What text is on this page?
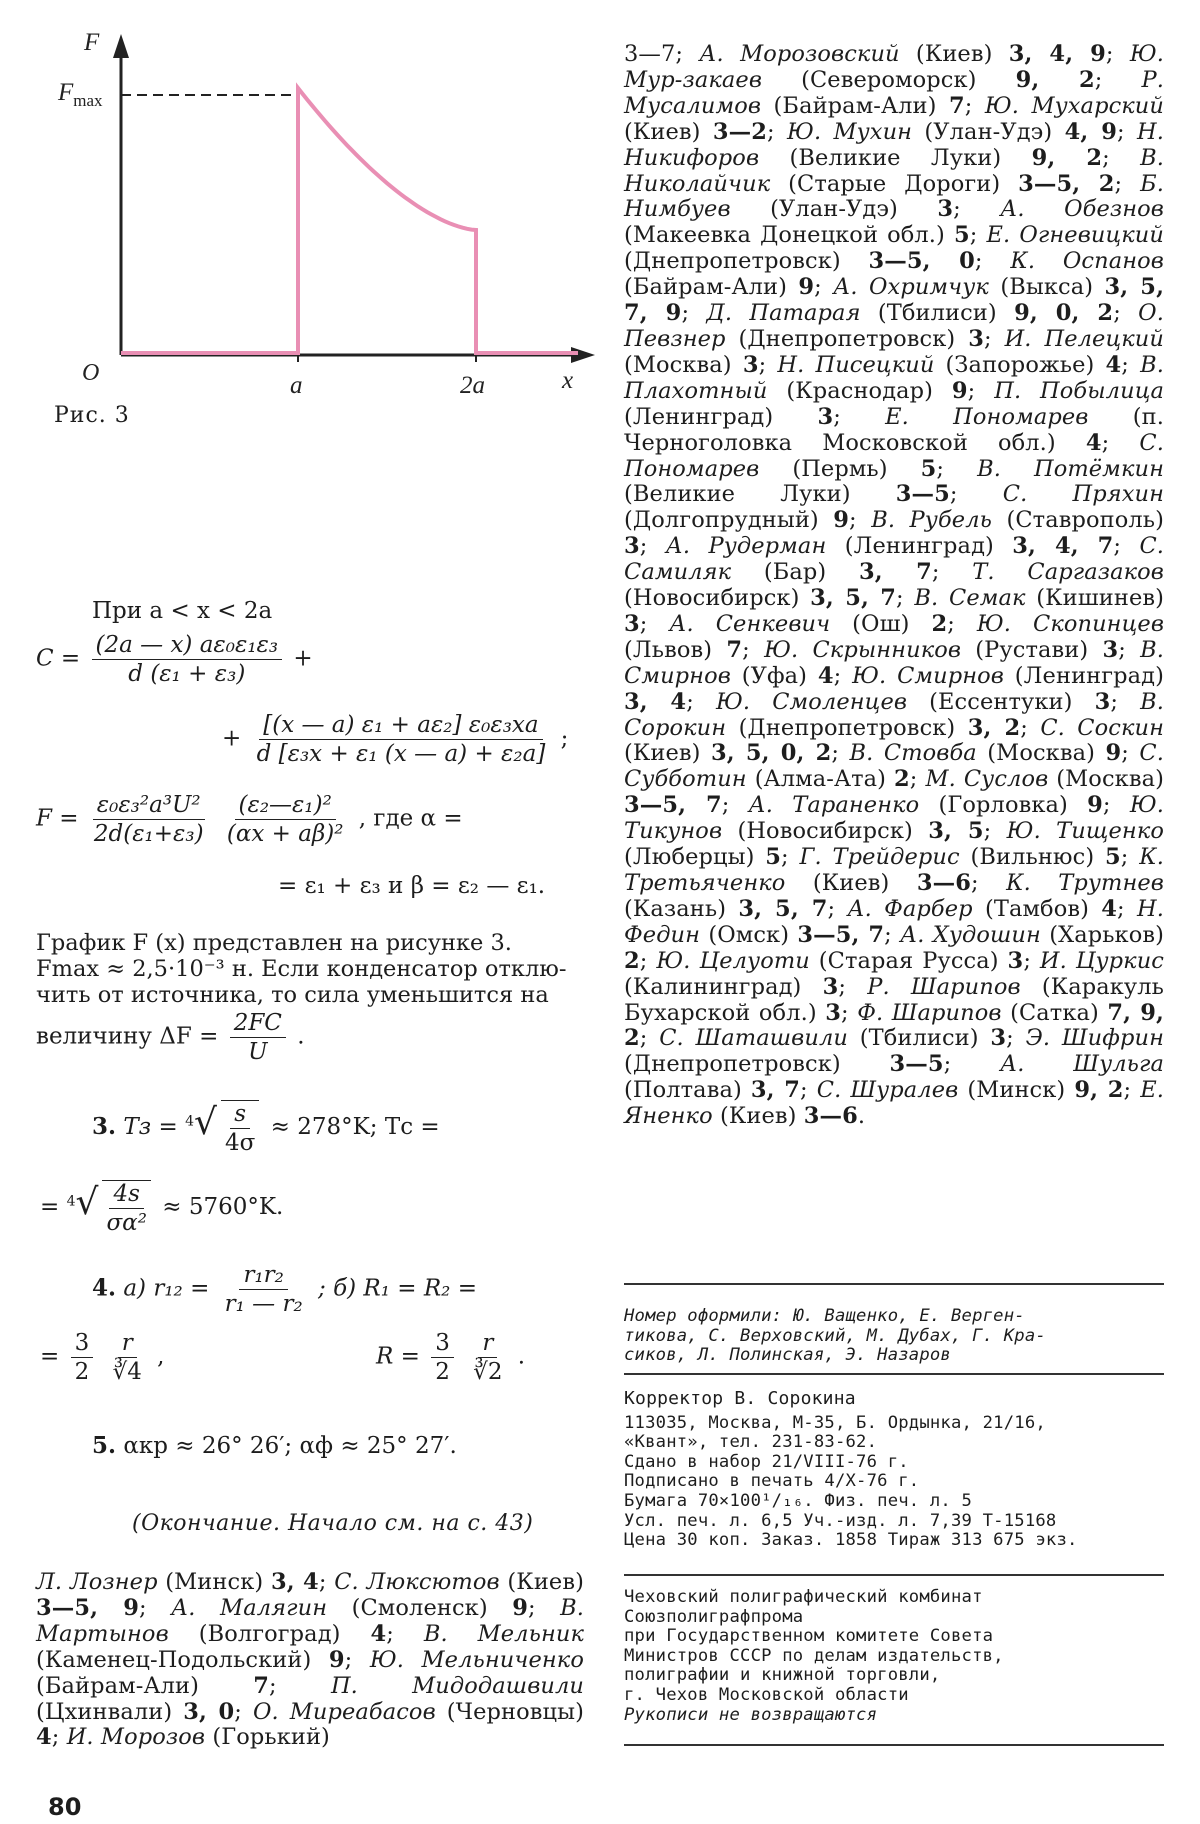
F
$F_{max}$
O	a	2a	x
Рис. 3
При a < x < 2a
$C = \frac{\text{(2a — x) aε₀ε₁ε₃}}{\text{d (ε₁ + ε₃)}}$ +
+ $\frac{\text{[(x — a) ε₁ + aε₂] ε₀ε₃xa}}{\text{d [ε₃x + ε₁ (x — a) + ε₂a]}}$ ;
$F = \frac{\text{ε₀ε₃²a³U²}}{\text{2d(ε₁+ε₃)}}$
$\frac{\text{(ε₂—ε₁)²}}{\text{(αx + aβ)²}}$ , где α =
= ε₁ + ε₃ и β = ε₂ — ε₁.
График F (x) представлен на рисунке 3.
Fmax ≈ 2,5·10⁻³ н. Если конденсатор отклю-
чить от источника, то сила уменьшится на
величину $\Delta F = \frac{2FC}{U}$ .
3. Tз = $^4√ \frac{s}{4\sigma} \approx 278^\circ K$; Tс =
= $^4√ \frac{4s}{\text{σα²}} \approx 5760^\circ K$.
4. а) $r_{12} = \frac{\text{r₁r₂}}{\text{r₁ — r₂}}$ ; б) R₁ = R₂ =
= $\frac{3}{2}$
$\frac{r}{∛4}$ ,	$R = \frac{3}{2}$
$\frac{r}{∛2}$ .
5. αкр ≈ 26° 26′; αф ≈ 25° 27′.
(Окончание. Начало см. на с. 43)
Л. Лознер (Минск) 3, 4; С. Люксютов (Киев) 3—5, 9; А. Малягин (Смоленск) 9; В. Мартынов (Волгоград) 4; В. Мельник (Каменец-Подольский) 9; Ю. Мельниченко (Байрам-Али) 7; П. Мидодашвили (Цхинвали) 3, 0; О. Миреабасов (Черновцы) 4; И. Морозов (Горький)
80
3—7; А. Морозовский (Киев) 3, 4, 9; Ю. Мур-закаев (Североморск) 9, 2; Р. Мусалимов (Байрам-Али) 7; Ю. Мухарский (Киев) 3—2; Ю. Мухин (Улан-Удэ) 4, 9; Н. Никифоров (Великие Луки) 9, 2; В. Николайчик (Старые Дороги) 3—5, 2; Б. Нимбуев (Улан-Удэ) 3; А. Обезнов (Макеевка Донецкой обл.) 5; Е. Огневицкий (Днепропетровск) 3—5, 0; К. Оспанов (Байрам-Али) 9; А. Охримчук (Выкса) 3, 5, 7, 9; Д. Патарая (Тбилиси) 9, 0, 2; О. Певзнер (Днепропетровск) 3; И. Пелецкий (Москва) 3; Н. Писецкий (Запорожье) 4; В. Плахотный (Краснодар) 9; П. Побылица (Ленинград) 3; Е. Пономарев (п. Черноголовка Московской обл.) 4; С. Пономарев (Пермь) 5; В. Потёмкин (Великие Луки) 3—5; С. Пряхин (Долгопрудный) 9; В. Рубель (Ставрополь) 3; А. Рудерман (Ленинград) 3, 4, 7; С. Самиляк (Бар) 3, 7; Т. Саргазаков (Новосибирск) 3, 5, 7; В. Семак (Кишинев) 3; А. Сенкевич (Ош) 2; Ю. Скопинцев (Львов) 7; Ю. Скрынников (Рустави) 3; В. Смирнов (Уфа) 4; Ю. Смирнов (Ленинград) 3, 4; Ю. Смоленцев (Ессентуки) 3; В. Сорокин (Днепропетровск) 3, 2; С. Соскин (Киев) 3, 5, 0, 2; В. Стовба (Москва) 9; С. Субботин (Алма-Ата) 2; М. Суслов (Москва) 3—5, 7; А. Тараненко (Горловка) 9; Ю. Тикунов (Новосибирск) 3, 5; Ю. Тищенко (Люберцы) 5; Г. Трейдерис (Вильнюс) 5; К. Третьяченко (Киев) 3—6; К. Трутнев (Казань) 3, 5, 7; А. Фарбер (Тамбов) 4; Н. Федин (Омск) 3—5, 7; А. Худошин (Харьков) 2; Ю. Целуоти (Старая Русса) 3; И. Цуркис (Калининград) 3; Р. Шарипов (Каракуль Бухарской обл.) 3; Ф. Шарипов (Сатка) 7, 9, 2; С. Шаташвили (Тбилиси) 3; Э. Шифрин (Днепропетровск) 3—5; А. Шульга (Полтава) 3, 7; С. Шуралев (Минск) 9, 2; Е. Яненко (Киев) 3—6.
Номер оформили: Ю. Ващенко, Е. Верген-
тикова, С. Верховский, М. Дубах, Г. Кра-
сиков, Л. Полинская, Э. Назаров
Корректор В. Сорокина
113035, Москва, М-35, Б. Ордынка, 21/16,
«Квант», тел. 231-83-62.
Сдано в набор 21/VIII-76 г.
Подписано в печать 4/X-76 г.
Бумага 70×100¹/₁₆. Физ. печ. л. 5
Усл. печ. л. 6,5 Уч.-изд. л. 7,39 Т-15168
Цена 30 коп. Заказ. 1858 Тираж 313 675 экз.
Чеховский полиграфический комбинат
Союзполиграфпрома
при Государственном комитете Совета
Министров СССР по делам издательств,
полиграфии и книжной торговли,
г. Чехов Московской области
Рукописи не возвращаются
